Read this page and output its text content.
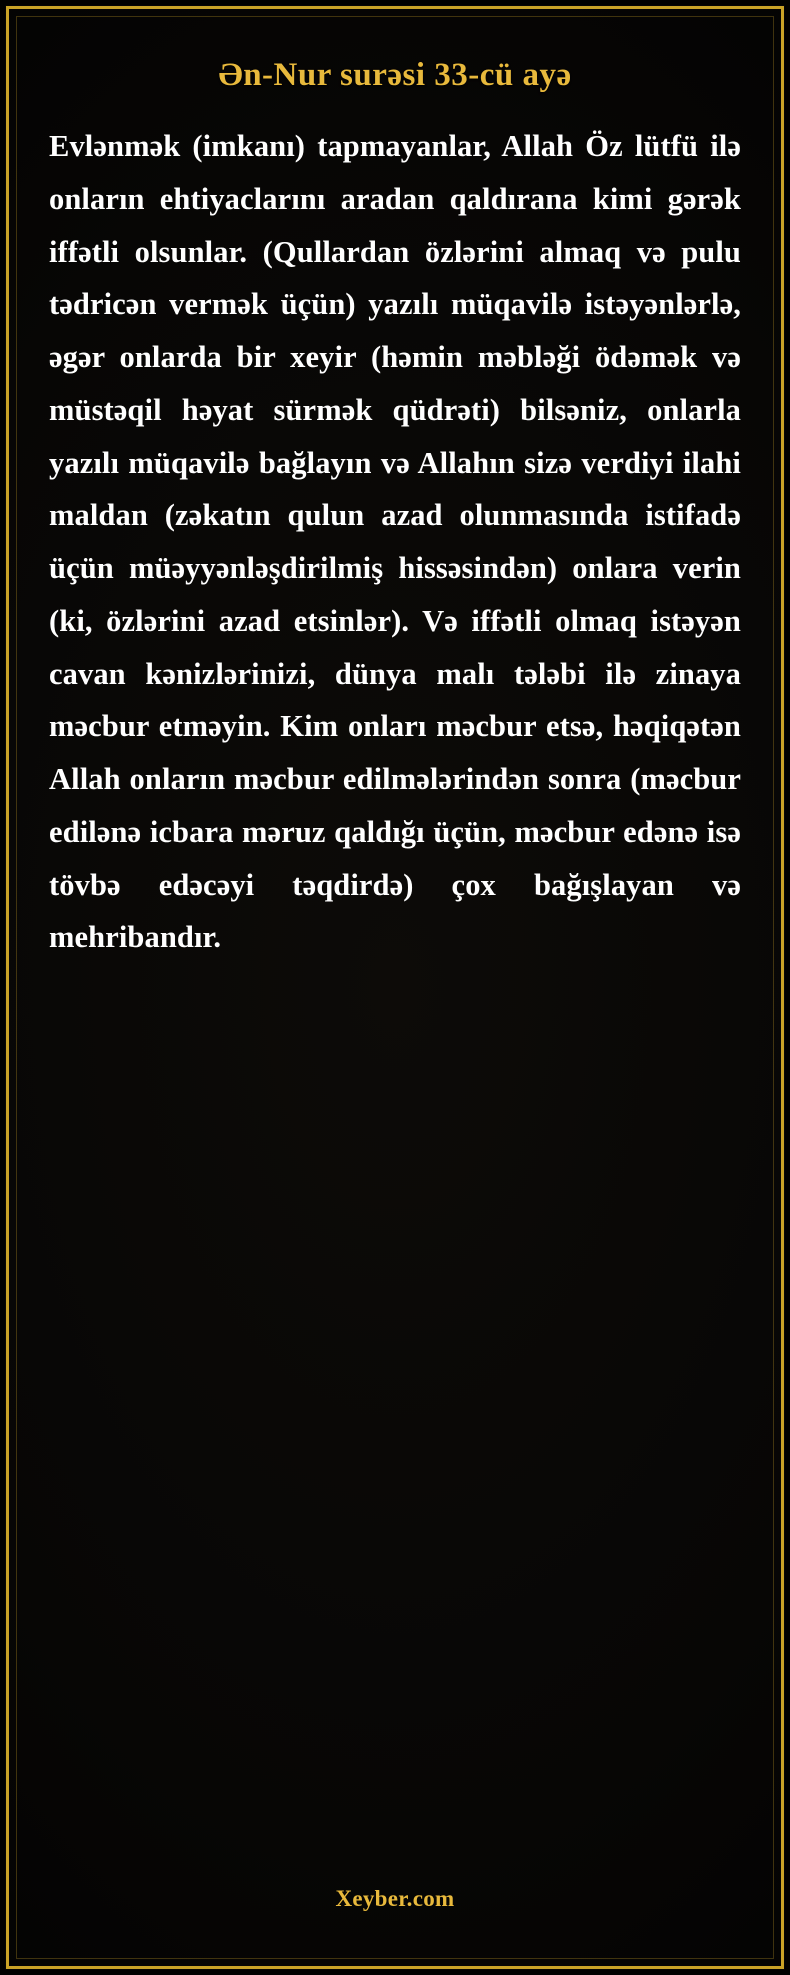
Ən-Nur surəsi 33-cü ayə
Evlənmək (imkanı) tapmayanlar, Allah Öz lütfü ilə onların ehtiyaclarını aradan qaldırana kimi gərək iffətli olsunlar. (Qullardan özlərini almaq və pulu tədricən vermək üçün) yazılı müqavilə istəyənlərlə, əgər onlarda bir xeyir (həmin məbləği ödəmək və müstəqil həyat sürmək qüdrəti) bilsəniz, onlarla yazılı müqavilə bağlayın və Allahın sizə verdiyi ilahi maldan (zəkatın qulun azad olunmasında istifadə üçün müəyyənləşdirilmiş hissəsindən) onlara verin (ki, özlərini azad etsinlər). Və iffətli olmaq istəyən cavan kənizlərinizi, dünya malı tələbi ilə zinaya məcbur etməyin. Kim onları məcbur etsə, həqiqətən Allah onların məcbur edilmələrindən sonra (məcbur edilənə icbara məruz qaldığı üçün, məcbur edənə isə tövbə edəcəyi təqdirdə) çox bağışlayan və mehribandır.
Xeyber.com
